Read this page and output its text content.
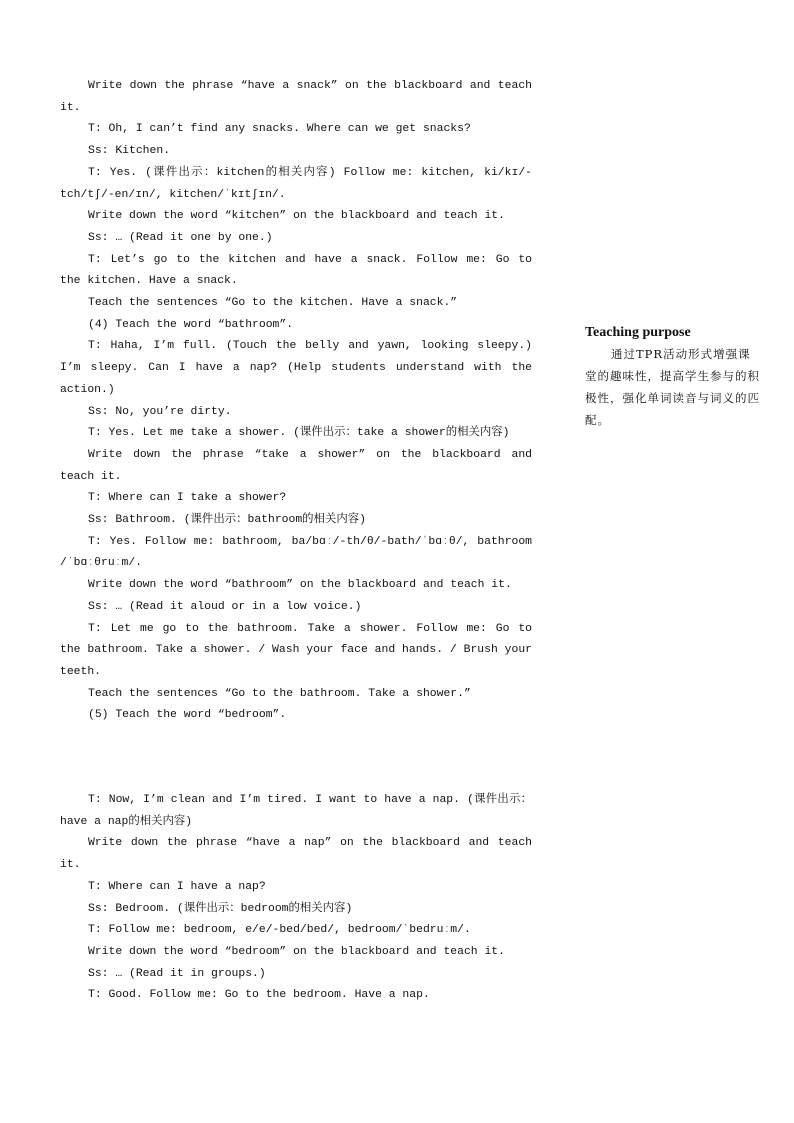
Write down the phrase “have a snack” on the blackboard and teach it.

T: Oh, I can’t find any snacks. Where can we get snacks?

Ss: Kitchen.

T: Yes. (课件出示：kitchen的相关内容) Follow me: kitchen, ki/kɪ/-tch/tʃ/-en/ɪn/, kitchen/ˈkɪtʃɪn/.

Write down the word “kitchen” on the blackboard and teach it.

Ss: … (Read it one by one.)

T: Let’s go to the kitchen and have a snack. Follow me: Go to the kitchen. Have a snack.

Teach the sentences “Go to the kitchen. Have a snack.”

(4) Teach the word “bathroom”.

T: Haha, I’m full. (Touch the belly and yawn, looking sleepy.) I’m sleepy. Can I have a nap? (Help students understand with the action.)

Ss: No, you’re dirty.

T: Yes. Let me take a shower. (课件出示：take a shower的相关内容)

Write down the phrase “take a shower” on the blackboard and teach it.

T: Where can I take a shower?

Ss: Bathroom. (课件出示：bathroom的相关内容)

T: Yes. Follow me: bathroom, ba/bɑː/-th/θ/-bath/ˈbɑːθ/, bathroom /ˈbɑːθruːm/.

Write down the word “bathroom” on the blackboard and teach it.

Ss: … (Read it aloud or in a low voice.)

T: Let me go to the bathroom. Take a shower. Follow me: Go to the bathroom. Take a shower. / Wash your face and hands. / Brush your teeth.

Teach the sentences “Go to the bathroom. Take a shower.”

(5) Teach the word “bedroom”.

T: Now, I’m clean and I’m tired. I want to have a nap. (课件出示：have a nap的相关内容)

Write down the phrase “have a nap” on the blackboard and teach it.

T: Where can I have a nap?

Ss: Bedroom. (课件出示：bedroom的相关内容)

T: Follow me: bedroom, e/e/-bed/bed/, bedroom/ˈbedruːm/.

Write down the word “bedroom” on the blackboard and teach it.

Ss: … (Read it in groups.)

T: Good. Follow me: Go to the bedroom. Have a nap.

Teaching purpose

通过TPR活动形式增强课堂的趣味性，提高学生参与的积极性，强化单词读音与词义的匹配。
